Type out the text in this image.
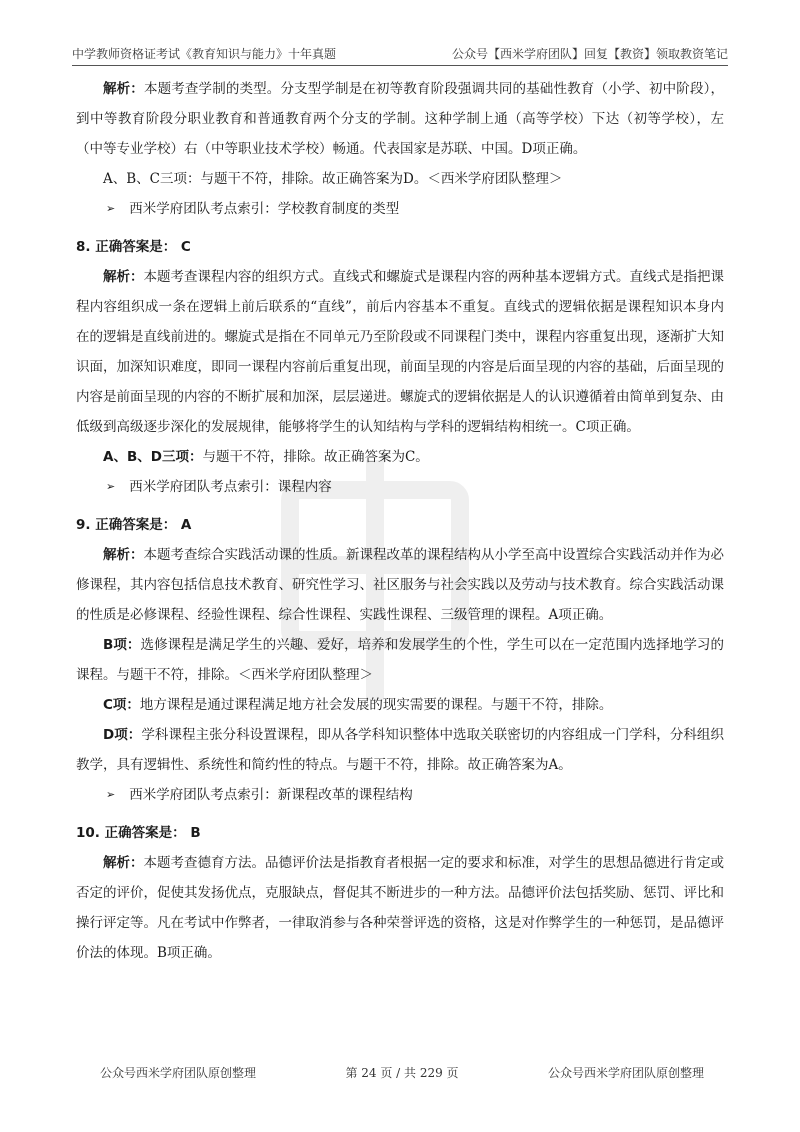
中学教师资格证考试《教育知识与能力》十年真题	公众号【西米学府团队】回复【教资】领取教资笔记

解析：本题考查学制的类型。分支型学制是在初等教育阶段强调共同的基础性教育（小学、初中阶段），到中等教育阶段分职业教育和普通教育两个分支的学制。这种学制上通（高等学校）下达（初等学校），左（中等专业学校）右（中等职业技术学校）畅通。代表国家是苏联、中国。D项正确。

A、B、C三项：与题干不符，排除。故正确答案为D。＜西米学府团队整理＞

➢ 西米学府团队考点索引：学校教育制度的类型

8. 正确答案是： C

解析：本题考查课程内容的组织方式。直线式和螺旋式是课程内容的两种基本逻辑方式。直线式是指把课程内容组织成一条在逻辑上前后联系的“直线”，前后内容基本不重复。直线式的逻辑依据是课程知识本身内在的逻辑是直线前进的。螺旋式是指在不同单元乃至阶段或不同课程门类中，课程内容重复出现，逐渐扩大知识面，加深知识难度，即同一课程内容前后重复出现，前面呈现的内容是后面呈现的内容的基础，后面呈现的内容是前面呈现的内容的不断扩展和加深，层层递进。螺旋式的逻辑依据是人的认识遵循着由简单到复杂、由低级到高级逐步深化的发展规律，能够将学生的认知结构与学科的逻辑结构相统一。C项正确。

A、B、D三项：与题干不符，排除。故正确答案为C。

➢ 西米学府团队考点索引：课程内容

9. 正确答案是： A

解析：本题考查综合实践活动课的性质。新课程改革的课程结构从小学至高中设置综合实践活动并作为必修课程，其内容包括信息技术教育、研究性学习、社区服务与社会实践以及劳动与技术教育。综合实践活动课的性质是必修课程、经验性课程、综合性课程、实践性课程、三级管理的课程。A项正确。

B项：选修课程是满足学生的兴趣、爱好，培养和发展学生的个性，学生可以在一定范围内选择地学习的课程。与题干不符，排除。＜西米学府团队整理＞

C项：地方课程是通过课程满足地方社会发展的现实需要的课程。与题干不符，排除。

D项：学科课程主张分科设置课程，即从各学科知识整体中选取关联密切的内容组成一门学科，分科组织教学，具有逻辑性、系统性和简约性的特点。与题干不符，排除。故正确答案为A。

➢ 西米学府团队考点索引：新课程改革的课程结构

10. 正确答案是： B

解析：本题考查德育方法。品德评价法是指教育者根据一定的要求和标准，对学生的思想品德进行肯定或否定的评价，促使其发扬优点，克服缺点，督促其不断进步的一种方法。品德评价法包括奖励、惩罚、评比和操行评定等。凡在考试中作弊者，一律取消参与各种荣誉评选的资格，这是对作弊学生的一种惩罚，是品德评价法的体现。B项正确。

公众号西米学府团队原创整理	第 24 页 / 共 229 页	公众号西米学府团队原创整理
